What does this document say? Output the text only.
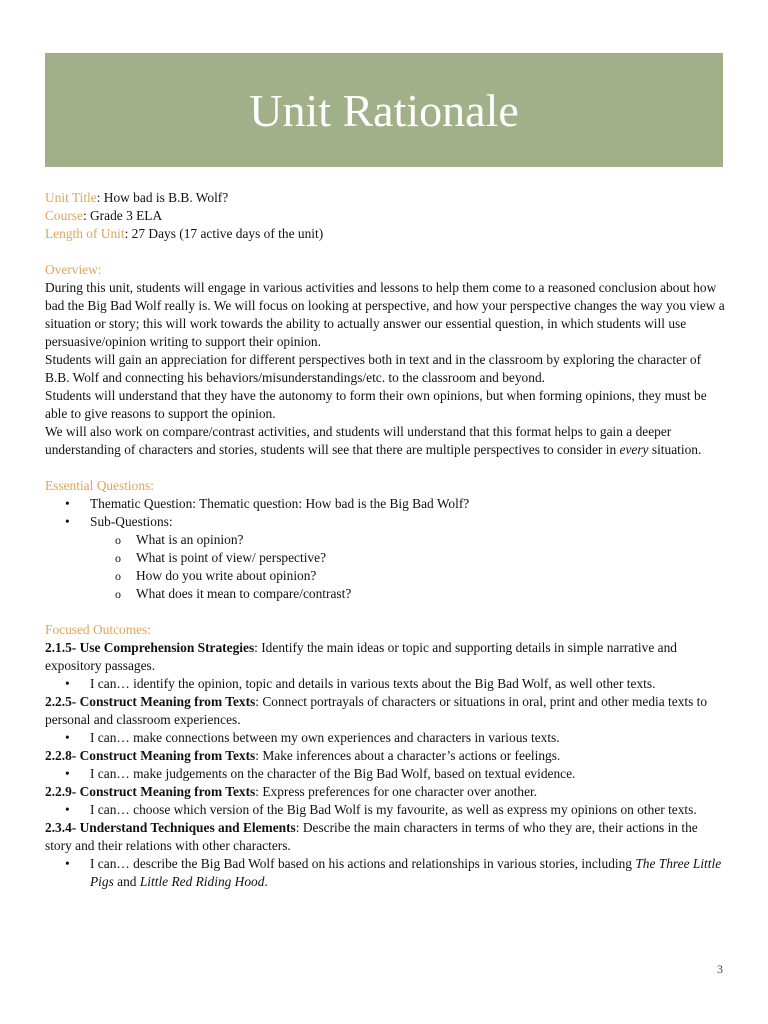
Unit Rationale

Unit Title: How bad is B.B. Wolf?

Course: Grade 3 ELA

Length of Unit: 27 Days (17 active days of the unit)

Overview:

During this unit, students will engage in various activities and lessons to help them come to a reasoned conclusion about how bad the Big Bad Wolf really is. We will focus on looking at perspective, and how your perspective changes the way you view a situation or story; this will work towards the ability to actually answer our essential question, in which students will use persuasive/opinion writing to support their opinion.

Students will gain an appreciation for different perspectives both in text and in the classroom by exploring the character of B.B. Wolf and connecting his behaviors/misunderstandings/etc. to the classroom and beyond.

Students will understand that they have the autonomy to form their own opinions, but when forming opinions, they must be able to give reasons to support the opinion.

We will also work on compare/contrast activities, and students will understand that this format helps to gain a deeper understanding of characters and stories, students will see that there are multiple perspectives to consider in every situation.

Essential Questions:

• Thematic Question: Thematic question: How bad is the Big Bad Wolf?
• Sub-Questions:
o What is an opinion?
o What is point of view/ perspective?
o How do you write about opinion?
o What does it mean to compare/contrast?

Focused Outcomes:

2.1.5- Use Comprehension Strategies: Identify the main ideas or topic and supporting details in simple narrative and expository passages.

• I can… identify the opinion, topic and details in various texts about the Big Bad Wolf, as well other texts.

2.2.5- Construct Meaning from Texts: Connect portrayals of characters or situations in oral, print and other media texts to personal and classroom experiences.

• I can… make connections between my own experiences and characters in various texts.

2.2.8- Construct Meaning from Texts: Make inferences about a character’s actions or feelings.

• I can… make judgements on the character of the Big Bad Wolf, based on textual evidence.

2.2.9- Construct Meaning from Texts: Express preferences for one character over another.

• I can… choose which version of the Big Bad Wolf is my favourite, as well as express my opinions on other texts.

2.3.4- Understand Techniques and Elements: Describe the main characters in terms of who they are, their actions in the story and their relations with other characters.

• I can… describe the Big Bad Wolf based on his actions and relationships in various stories, including The Three Little Pigs and Little Red Riding Hood.
3
